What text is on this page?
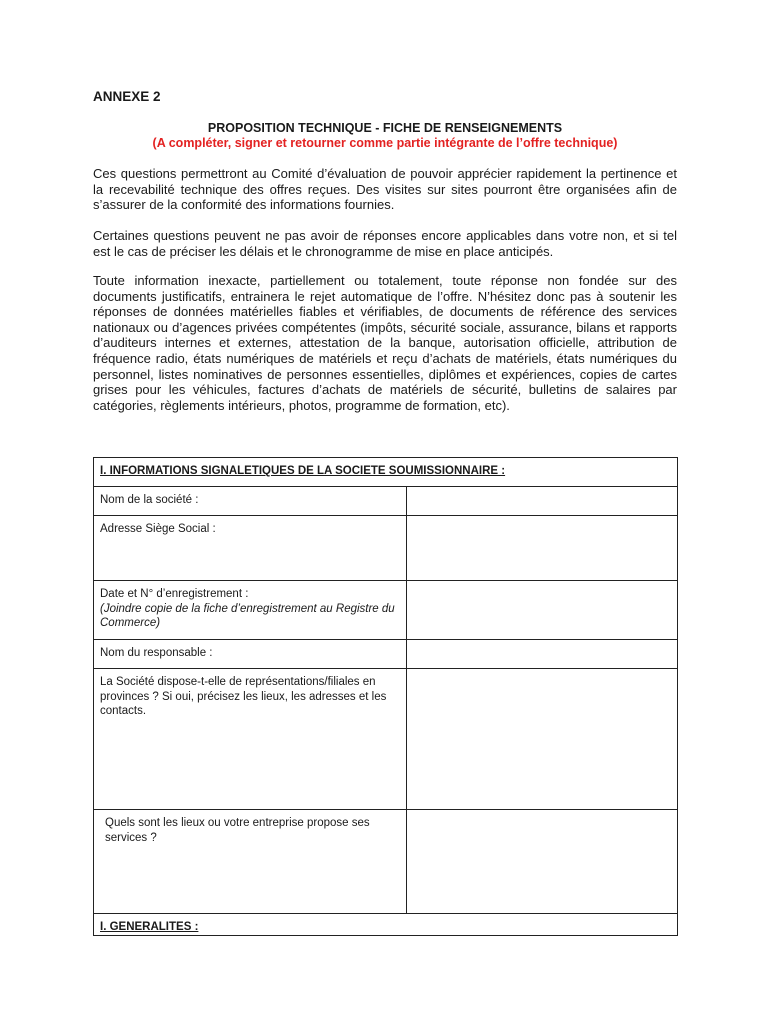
ANNEXE 2
PROPOSITION TECHNIQUE - FICHE DE RENSEIGNEMENTS
(A compléter, signer et retourner comme partie intégrante de l’offre technique)

Ces questions permettront au Comité d’évaluation de pouvoir apprécier rapidement la pertinence et la recevabilité technique des offres reçues. Des visites sur sites pourront être organisées afin de s’assurer de la conformité des informations fournies.

Certaines questions peuvent ne pas avoir de réponses encore applicables dans votre non, et si tel est le cas de préciser les délais et le chronogramme de mise en place anticipés.

Toute information inexacte, partiellement ou totalement, toute réponse non fondée sur des documents justificatifs, entrainera le rejet automatique de l’offre. N’hésitez donc pas à soutenir les réponses de données matérielles fiables et vérifiables, de documents de référence des services nationaux ou d’agences privées compétentes (impôts, sécurité sociale, assurance, bilans et rapports d’auditeurs internes et externes, attestation de la banque, autorisation officielle, attribution de fréquence radio, états numériques de matériels et reçu d’achats de matériels, états numériques du personnel, listes nominatives de personnes essentielles, diplômes et expériences, copies de cartes grises pour les véhicules, factures d’achats de matériels de sécurité, bulletins de salaires par catégories, règlements intérieurs, photos, programme de formation, etc).

I. INFORMATIONS SIGNALETIQUES DE LA SOCIETE SOUMISSIONNAIRE :	
Nom de la société :	
Adresse Siège Social :	

Date et N° d’enregistrement :
(Joindre copie de la fiche d’enregistrement au Registre du Commerce)	

Nom du responsable :	
La Société dispose-t-elle de représentations/filiales en provinces ? Si oui, précisez les lieux, les adresses et les contacts.	
Quels sont les lieux ou votre entreprise propose ses services ?	
I. GENERALITES :	
